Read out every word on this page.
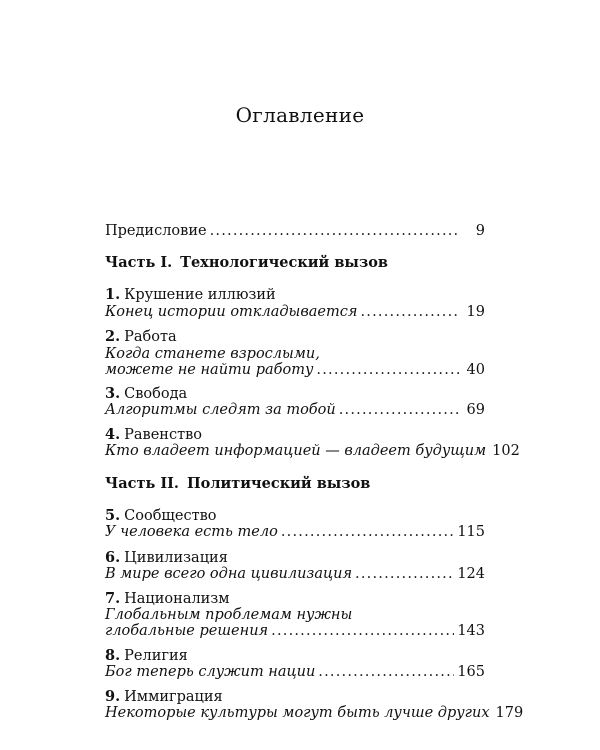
Оглавление
Предисловие .....	9
Часть I. Технологический вызов
1. Крушение иллюзий
Конец истории откладывается .....	19
2. Работа
Когда станете взрослыми,
можете не найти работу .....	40
3. Свобода
Алгоритмы следят за тобой .....	69
4. Равенство
Кто владеет информацией — владеет будущим 102
Часть II. Политический вызов
5. Сообщество
У человека есть тело .....	115
6. Цивилизация
В мире всего одна цивилизация .....	124
7. Национализм
Глобальным проблемам нужны
глобальные решения .....	143
8. Религия
Бог теперь служит нации .....	165
9. Иммиграция
Некоторые культуры могут быть лучше других 179
